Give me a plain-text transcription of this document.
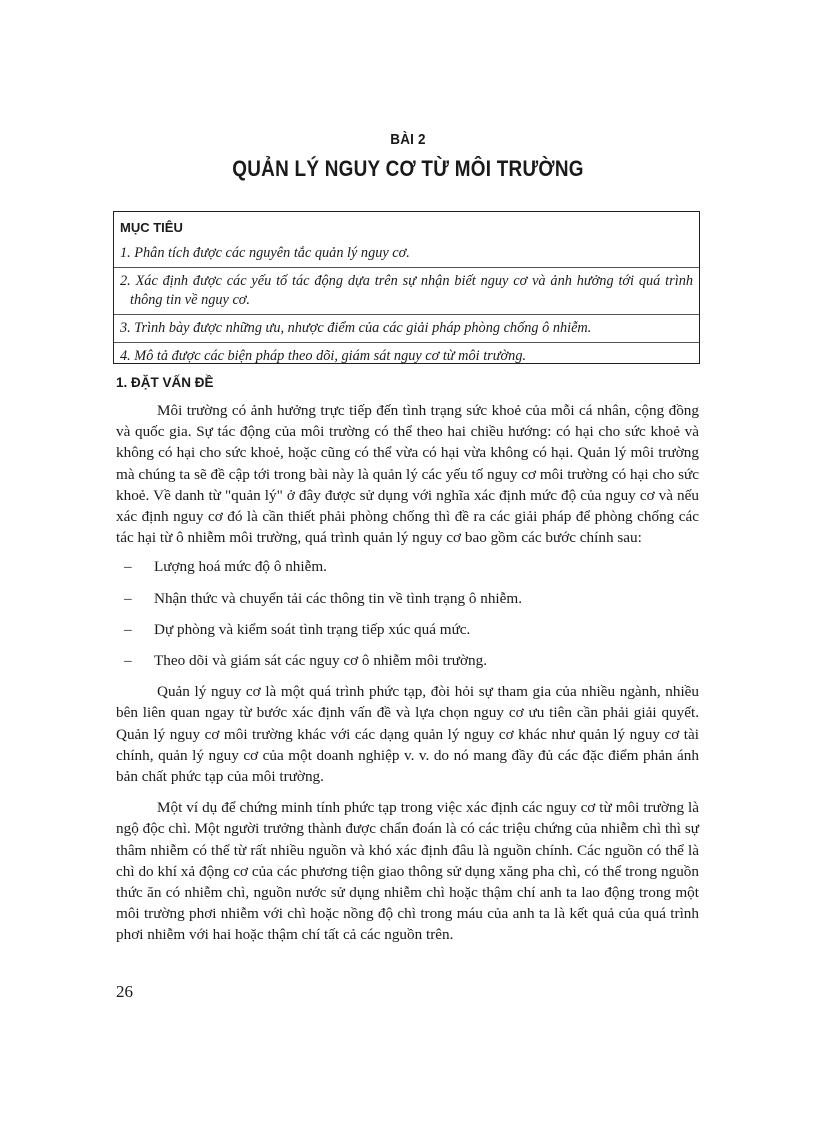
BÀI 2
QUẢN LÝ NGUY CƠ TỪ MÔI TRƯỜNG
MỤC TIÊU
1. Phân tích được các nguyên tắc quản lý nguy cơ.
2. Xác định được các yếu tố tác động dựa trên sự nhận biết nguy cơ và ảnh hưởng tới quá trình thông tin về nguy cơ.
3. Trình bày được những ưu, nhược điểm của các giải pháp phòng chống ô nhiễm.
4. Mô tả được các biện pháp theo dõi, giám sát nguy cơ từ môi trường.
1. ĐẶT VẤN ĐỀ

Môi trường có ảnh hưởng trực tiếp đến tình trạng sức khoẻ của mỗi cá nhân, cộng đồng và quốc gia. Sự tác động của môi trường có thể theo hai chiều hướng: có hại cho sức khoẻ và không có hại cho sức khoẻ, hoặc cũng có thể vừa có hại vừa không có hại. Quản lý môi trường mà chúng ta sẽ đề cập tới trong bài này là quản lý các yếu tố nguy cơ môi trường có hại cho sức khoẻ. Về danh từ "quản lý" ở đây được sử dụng với nghĩa xác định mức độ của nguy cơ và nếu xác định nguy cơ đó là cần thiết phải phòng chống thì đề ra các giải pháp để phòng chống các tác hại từ ô nhiễm môi trường, quá trình quản lý nguy cơ bao gồm các bước chính sau:

– Lượng hoá mức độ ô nhiễm.
– Nhận thức và chuyển tải các thông tin về tình trạng ô nhiễm.
– Dự phòng và kiểm soát tình trạng tiếp xúc quá mức.
– Theo dõi và giám sát các nguy cơ ô nhiễm môi trường.

Quản lý nguy cơ là một quá trình phức tạp, đòi hỏi sự tham gia của nhiều ngành, nhiều bên liên quan ngay từ bước xác định vấn đề và lựa chọn nguy cơ ưu tiên cần phải giải quyết. Quản lý nguy cơ môi trường khác với các dạng quản lý nguy cơ khác như quản lý nguy cơ tài chính, quản lý nguy cơ của một doanh nghiệp v. v. do nó mang đầy đủ các đặc điểm phản ánh bản chất phức tạp của môi trường.

Một ví dụ để chứng minh tính phức tạp trong việc xác định các nguy cơ từ môi trường là ngộ độc chì. Một người trưởng thành được chẩn đoán là có các triệu chứng của nhiễm chì thì sự thâm nhiễm có thể từ rất nhiều nguồn và khó xác định đâu là nguồn chính. Các nguồn có thể là chì do khí xả động cơ của các phương tiện giao thông sử dụng xăng pha chì, có thể trong nguồn thức ăn có nhiễm chì, nguồn nước sử dụng nhiễm chì hoặc thậm chí anh ta lao động trong một môi trường phơi nhiễm với chì hoặc nồng độ chì trong máu của anh ta là kết quả của quá trình phơi nhiễm với hai hoặc thậm chí tất cả các nguồn trên.

26
